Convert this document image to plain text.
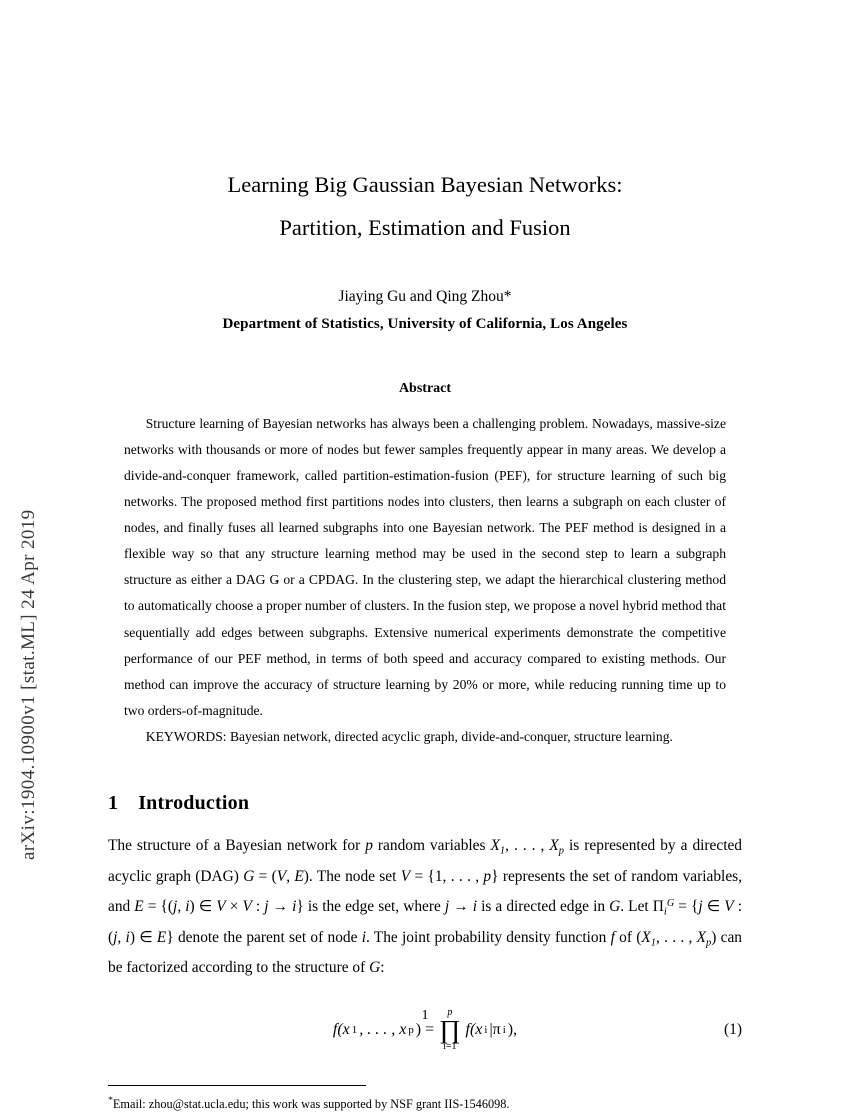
arXiv:1904.10900v1 [stat.ML] 24 Apr 2019
Learning Big Gaussian Bayesian Networks:
Partition, Estimation and Fusion
Jiaying Gu and Qing Zhou*
Department of Statistics, University of California, Los Angeles
Abstract

Structure learning of Bayesian networks has always been a challenging problem. Nowadays, massive-size networks with thousands or more of nodes but fewer samples frequently appear in many areas. We develop a divide-and-conquer framework, called partition-estimation-fusion (PEF), for structure learning of such big networks. The proposed method first partitions nodes into clusters, then learns a subgraph on each cluster of nodes, and finally fuses all learned subgraphs into one Bayesian network. The PEF method is designed in a flexible way so that any structure learning method may be used in the second step to learn a subgraph structure as either a DAG Ǥ or a CPDAG. In the clustering step, we adapt the hierarchical clustering method to automatically choose a proper number of clusters. In the fusion step, we propose a novel hybrid method that sequentially add edges between subgraphs. Extensive numerical experiments demonstrate the competitive performance of our PEF method, in terms of both speed and accuracy compared to existing methods. Our method can improve the accuracy of structure learning by 20% or more, while reducing running time up to two orders-of-magnitude.

KEYWORDS: Bayesian network, directed acyclic graph, divide-and-conquer, structure learning.

1 Introduction

The structure of a Bayesian network for p random variables $X_1$, . . . , $X_p$ is represented by a directed acyclic graph (DAG) G = (V, E). The node set V = {1, . . . , p} represents the set of random variables, and E = {(j, i) ∈ V × V : j → i} is the edge set, where j → i is a directed edge in G. Let $\Pi_i^G = \{j$ ∈ V : (j, i) ∈ E} denote the parent set of node i. The joint probability density function f of ($X_1$, . . . , $X_p$) can be factorized according to the structure of G:

f(x 1 , . . . , x p ) =
p
∏
i=1
f(x i |π i ),	(1)
*Email: zhou@stat.ucla.edu; this work was supported by NSF grant IIS-1546098.
1
